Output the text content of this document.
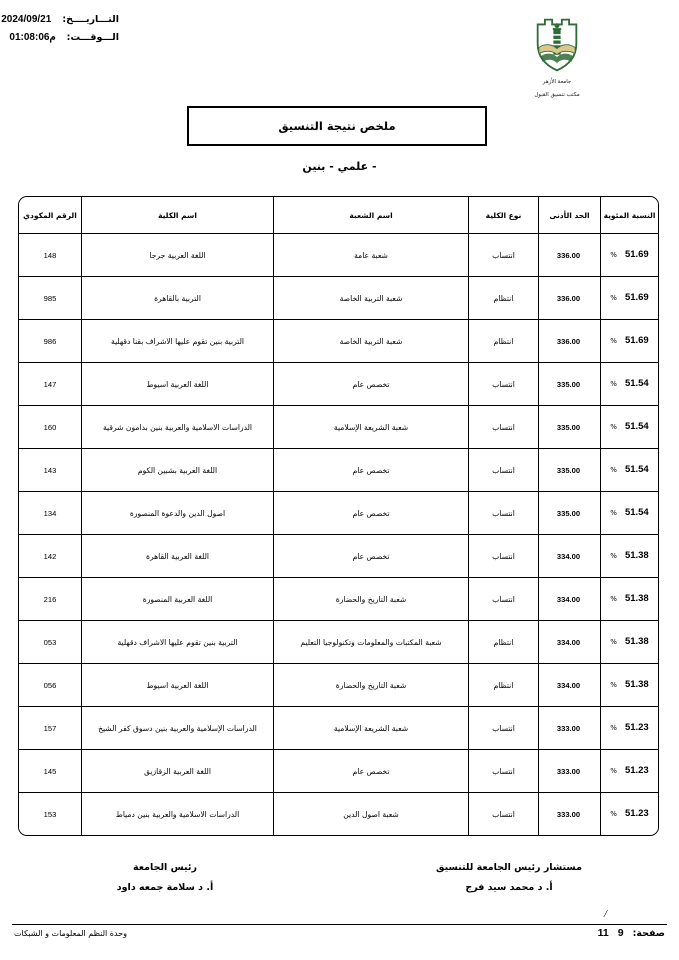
التـــاريــــخ:
2024/09/21
الـــوقـــت:
01:08:06م
جامعة الأزهر
مكتب تنسيق القبول
ملخص نتيجة التنسيق
- علمي - بنين
النسبة المئوية	الحد الأدنى	نوع الكلية	اسم الشعبة	اسم الكلية	الرقم المكودي

% 51.69	336.00	انتساب	شعبة عامة	اللغة العربية جرجا	148

% 51.69	336.00	انتظام	شعبة التربية الخاصة	التربية بالقاهرة	985

% 51.69	336.00	انتظام	شعبة التربية الخاصة	التربية بنين تقوم عليها الاشراف بقنا دقهلية	986

% 51.54	335.00	انتساب	تخصص عام	اللغة العربية اسيوط	147

% 51.54	335.00	انتساب	شعبة الشريعة الإسلامية	الدراسات الاسلامية والعربية بنين بدامون شرقية	160

% 51.54	335.00	انتساب	تخصص عام	اللغة العربية بشبين الكوم	143

% 51.54	335.00	انتساب	تخصص عام	اصول الدين والدعوة المنصورة	134

% 51.38	334.00	انتساب	تخصص عام	اللغة العربية القاهرة	142

% 51.38	334.00	انتساب	شعبة التاريخ والحضارة	اللغة العربية المنصورة	216

% 51.38	334.00	انتظام	شعبة المكتبات والمعلومات وتكنولوجيا التعليم	التربية بنين تقوم عليها الاشراف دقهلية	053

% 51.38	334.00	انتظام	شعبة التاريخ والحضارة	اللغة العربية اسيوط	056

% 51.23	333.00	انتساب	شعبة الشريعة الإسلامية	الدراسات الإسلامية والعربية بنين دسوق كفر الشيخ	157

% 51.23	333.00	انتساب	تخصص عام	اللغة العربية الزقازيق	145

% 51.23	333.00	انتساب	شعبة اصول الدين	الدراسات الاسلامية والعربية بنين دمياط	153
مستشار رئيس الجامعة للتنسيق
أ. د محمد سيد فرج
رئيس الجامعة
أ. د سلامة جمعه داود
/
صفحة:
9
11
وحدة النظم المعلومات و الشبكات
